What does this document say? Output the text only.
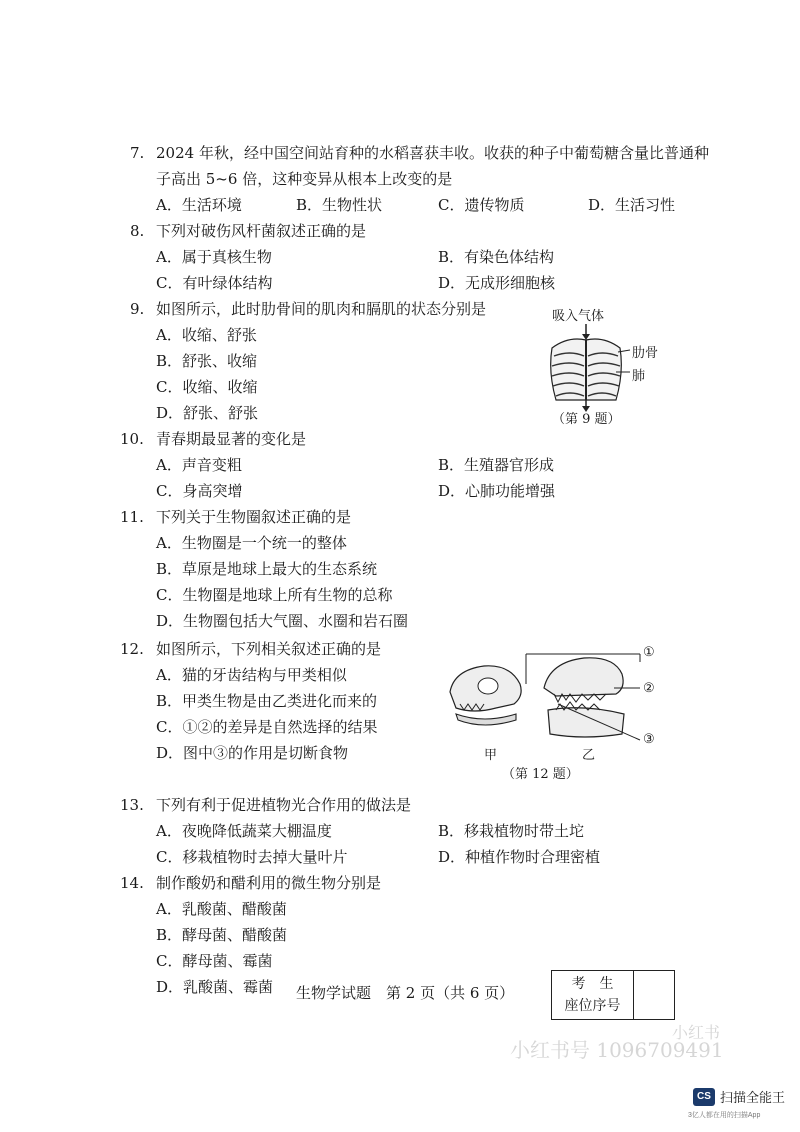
7. 2024 年秋，经中国空间站育种的水稻喜获丰收。收获的种子中葡萄糖含量比普通种
子高出 5~6 倍，这种变异从根本上改变的是
A．生活环境	B．生物性状	C．遗传物质	D．生活习性
8. 下列对破伤风杆菌叙述正确的是
A．属于真核生物	B．有染色体结构
C．有叶绿体结构	D．无成形细胞核
9. 如图所示，此时肋骨间的肌肉和膈肌的状态分别是
A．收缩、舒张
B．舒张、收缩
C．收缩、收缩
D．舒张、舒张
吸入气体
肋骨
肺
（第 9 题）
10. 青春期最显著的变化是
A．声音变粗	B．生殖器官形成
C．身高突增	D．心肺功能增强
11. 下列关于生物圈叙述正确的是
A．生物圈是一个统一的整体
B．草原是地球上最大的生态系统
C．生物圈是地球上所有生物的总称
D．生物圈包括大气圈、水圈和岩石圈
12. 如图所示，下列相关叙述正确的是
A．猫的牙齿结构与甲类相似
B．甲类生物是由乙类进化而来的
C．①②的差异是自然选择的结果
D．图中③的作用是切断食物
①
②
③
甲	乙
（第 12 题）
13. 下列有利于促进植物光合作用的做法是
A．夜晚降低蔬菜大棚温度	B．移栽植物时带土坨
C．移栽植物时去掉大量叶片	D．种植作物时合理密植
14. 制作酸奶和醋利用的微生物分别是
A．乳酸菌、醋酸菌
B．酵母菌、醋酸菌
C．酵母菌、霉菌
D．乳酸菌、霉菌 生物学试题　第 2 页（共 6 页）	考　生
座位序号
小红书
小红书号 1096709491
CS 扫描全能王
3亿人都在用的扫描App
